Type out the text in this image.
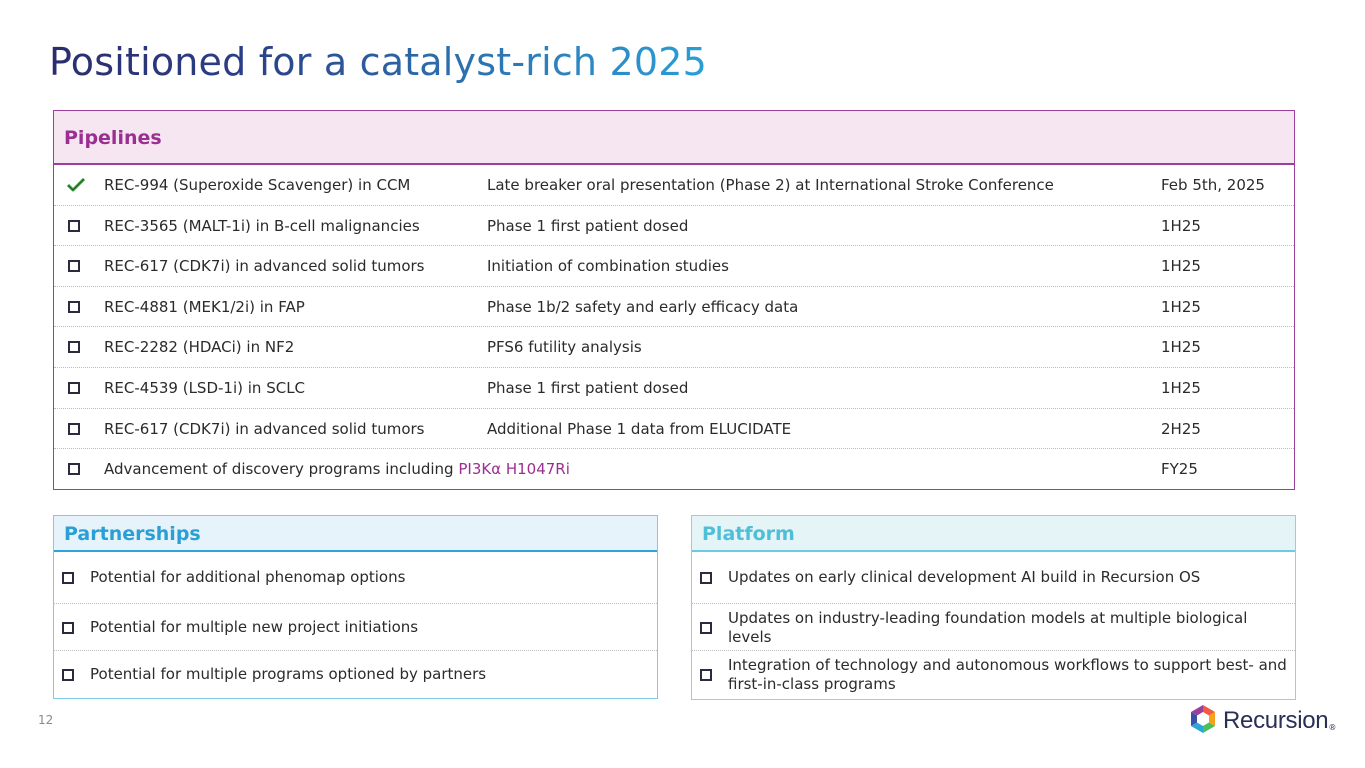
Positioned for a catalyst-rich 2025
Pipelines
REC-994 (Superoxide Scavenger) in CCM	Late breaker oral presentation (Phase 2) at International Stroke Conference	Feb 5th, 2025
REC-3565 (MALT-1i) in B-cell malignancies	Phase 1 first patient dosed	1H25
REC-617 (CDK7i) in advanced solid tumors	Initiation of combination studies	1H25
REC-4881 (MEK1/2i) in FAP	Phase 1b/2 safety and early efficacy data	1H25
REC-2282 (HDACi) in NF2	PFS6 futility analysis	1H25
REC-4539 (LSD-1i) in SCLC	Phase 1 first patient dosed	1H25
REC-617 (CDK7i) in advanced solid tumors	Additional Phase 1 data from ELUCIDATE	2H25
Advancement of discovery programs including PI3Kα H1047Ri	FY25
Partnerships
Potential for additional phenomap options
Potential for multiple new project initiations
Potential for multiple programs optioned by partners
Platform
Updates on early clinical development AI build in Recursion OS
Updates on industry-leading foundation models at multiple biological levels
Integration of technology and autonomous workflows to support best- and first-in-class programs
12	Recursion ®
